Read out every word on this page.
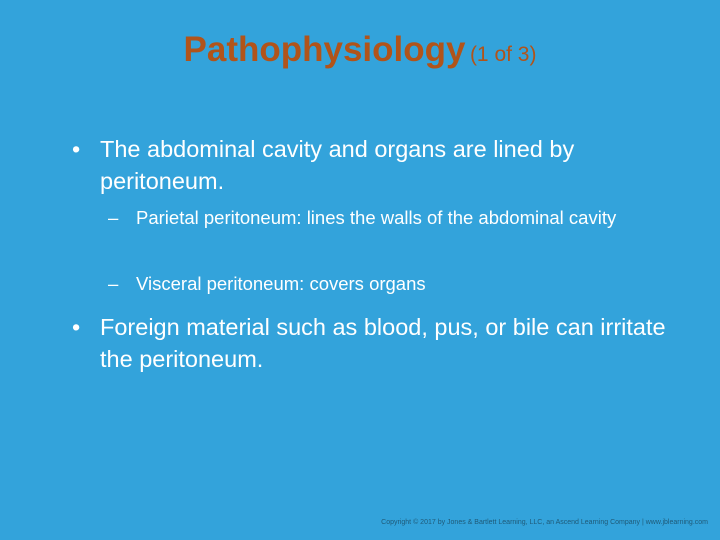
Pathophysiology (1 of 3)
• The abdominal cavity and organs are lined by peritoneum.
– Parietal peritoneum: lines the walls of the abdominal cavity
– Visceral peritoneum: covers organs
• Foreign material such as blood, pus, or bile can irritate the peritoneum.
Copyright © 2017 by Jones & Bartlett Learning, LLC, an Ascend Learning Company | www.jblearning.com
